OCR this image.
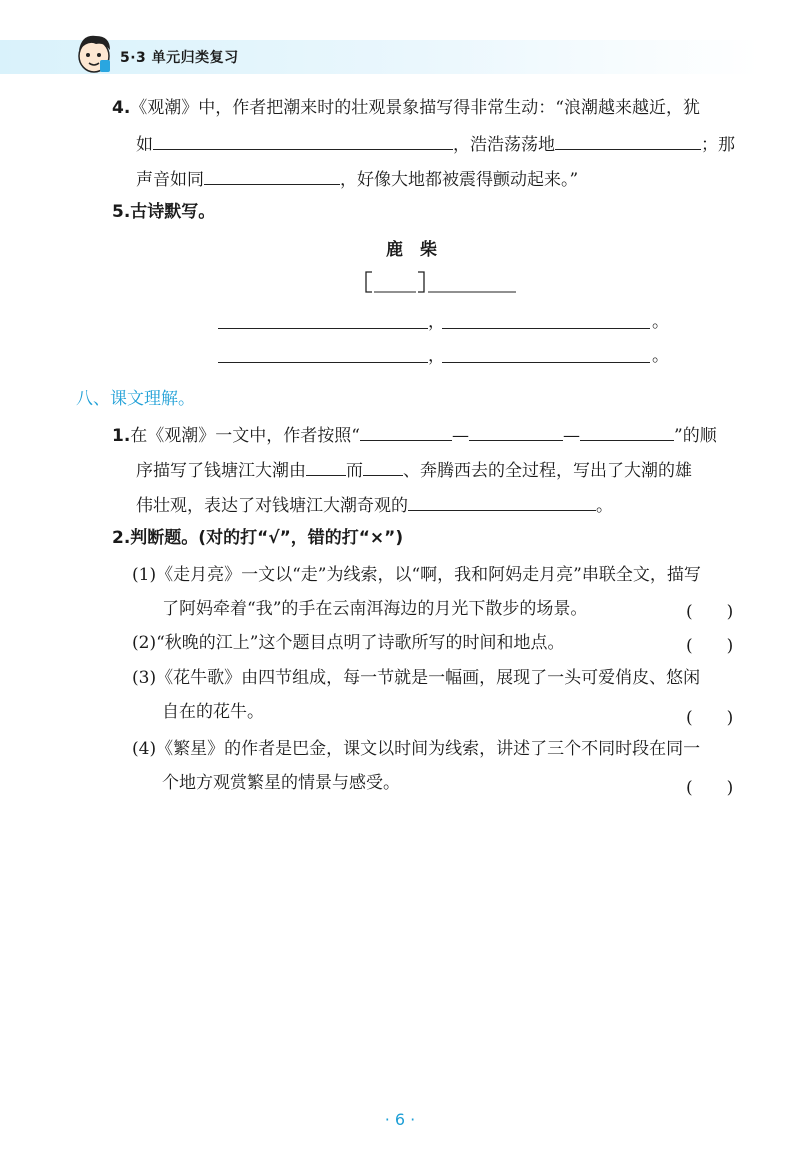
5·3 单元归类复习
4.《观潮》中，作者把潮来时的壮观景象描写得非常生动：“浪潮越来越近，犹
如	，浩浩荡荡地	；那
声音如同	，好像大地都被震得颤动起来。”
5.古诗默写。
鹿　柴
，	。
，	。
八、课文理解。
1.在《观潮》一文中，作者按照“	—	—	”的顺
序描写了钱塘江大潮由 而 、奔腾西去的全过程，写出了大潮的雄
伟壮观，表达了对钱塘江大潮奇观的	。
2.判断题。(对的打“√”，错的打“×”)
(1)《走月亮》一文以“走”为线索，以“啊，我和阿妈走月亮”串联全文，描写
了阿妈牵着“我”的手在云南洱海边的月光下散步的场景。	(　　)
(2)“秋晚的江上”这个题目点明了诗歌所写的时间和地点。	(　　)
(3)《花牛歌》由四节组成，每一节就是一幅画，展现了一头可爱俏皮、悠闲
自在的花牛。	(　　)
(4)《繁星》的作者是巴金，课文以时间为线索，讲述了三个不同时段在同一
个地方观赏繁星的情景与感受。	(　　)
· 6 ·
